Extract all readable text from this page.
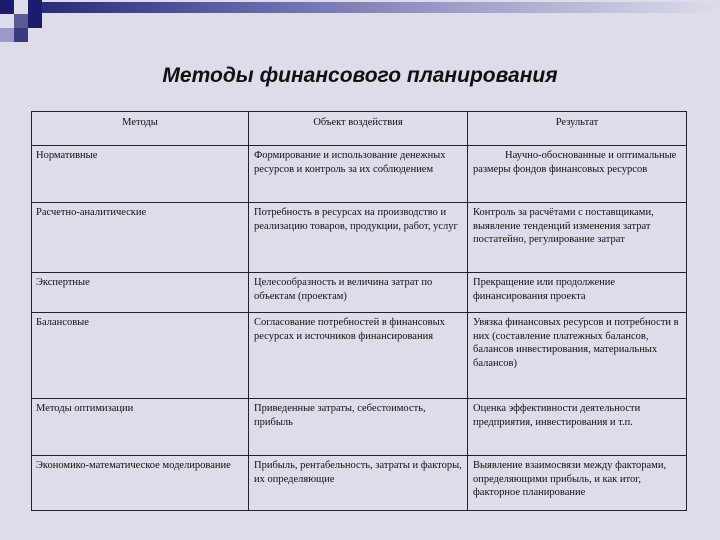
Методы финансового планирования
Методы	Объект воздействия	Результат
Нормативные	Формирование и использование денежных ресурсов и контроль за их соблюдением	Научно-обоснованные и оптимальные размеры фондов финансовых ресурсов
Расчетно-аналитические	Потребность в ресурсах на производство и реализацию товаров, продукции, работ, услуг	Контроль за расчётами с поставщиками, выявление тенденций изменения затрат постатейно, регулирование затрат
Экспертные	Целесообразность и величина затрат по объектам (проектам)	Прекращение или продолжение финансирования проекта
Балансовые	Согласование потребностей в финансовых ресурсах и источников финансирования	Увязка финансовых ресурсов и потребности в них (составление платежных балансов, балансов инвестирования, материальных балансов)
Методы оптимизации	Приведенные затраты, себестоимость, прибыль	Оценка эффективности деятельности предприятия, инвестирования и т.п.
Экономико-математическое моделирование	Прибыль, рентабельность, затраты и факторы, их определяющие	Выявление взаимосвязи между факторами, определяющими прибыль, и как итог, факторное планирование
